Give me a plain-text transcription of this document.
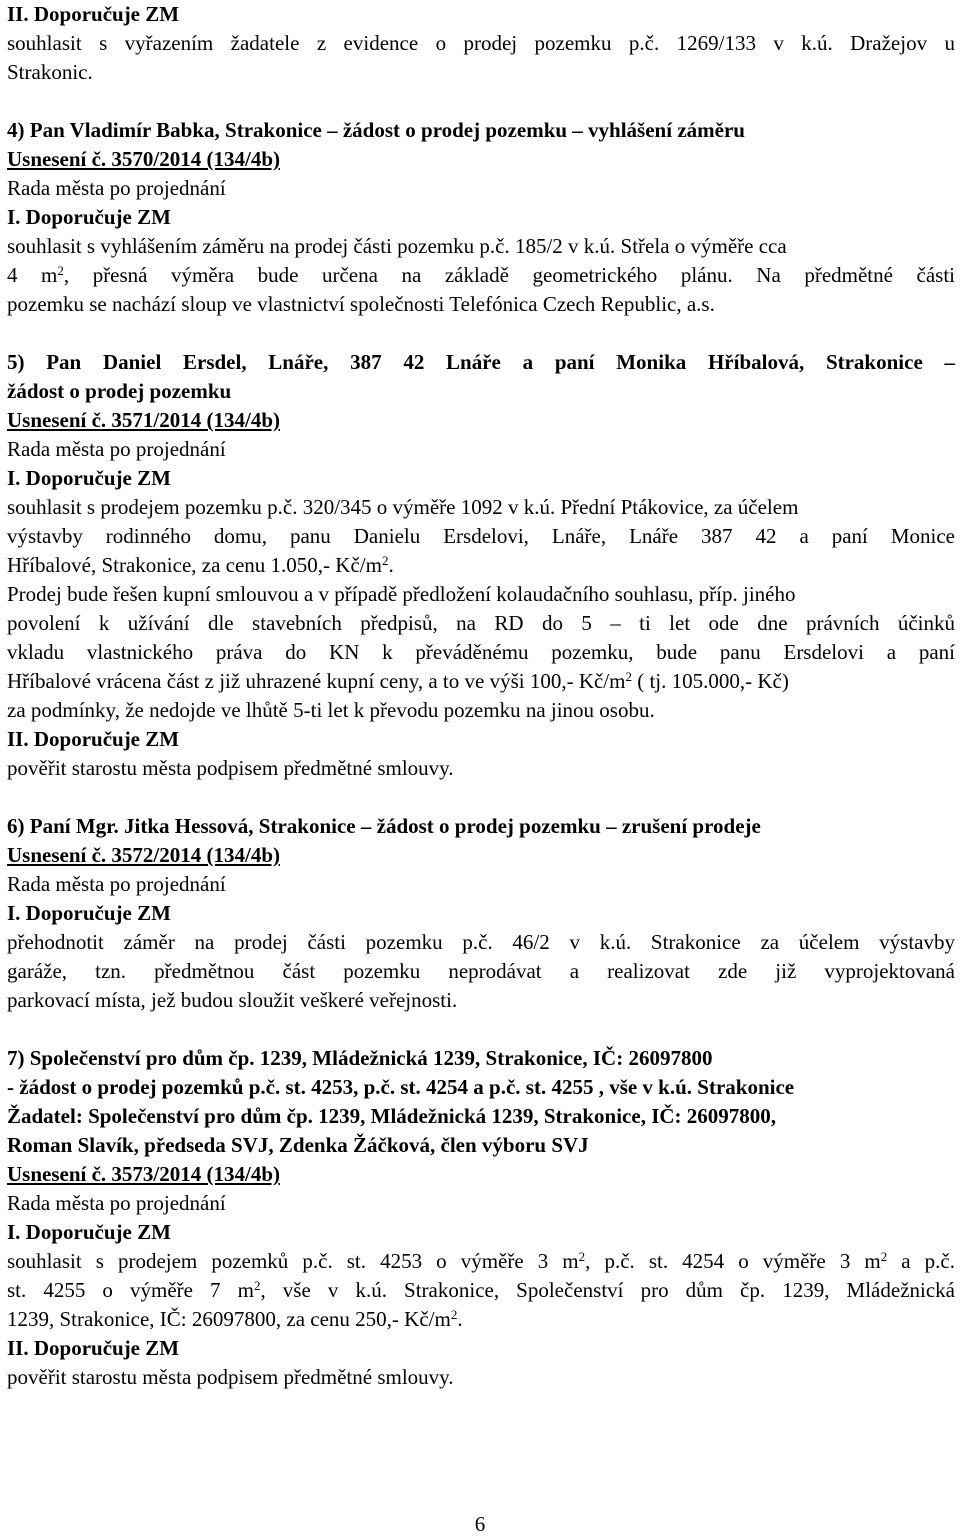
II. Doporučuje ZM
souhlasit s vyřazením žadatele z evidence o prodej pozemku p.č. 1269/133 v k.ú. Dražejov u
Strakonic.
4) Pan Vladimír Babka, Strakonice – žádost o prodej pozemku – vyhlášení záměru
Usnesení č. 3570/2014 (134/4b)
Rada města po projednání
I. Doporučuje ZM
souhlasit s vyhlášením záměru na prodej části pozemku p.č. 185/2 v k.ú. Střela o výměře cca
4 $m^2$, přesná výměra bude určena na základě geometrického plánu. Na předmětné části
pozemku se nachází sloup ve vlastnictví společnosti Telefónica Czech Republic, a.s.
5) Pan Daniel Ersdel, Lnáře, 387 42 Lnáře a paní Monika Hříbalová, Strakonice –
žádost o prodej pozemku
Usnesení č. 3571/2014 (134/4b)
Rada města po projednání
I. Doporučuje ZM
souhlasit s prodejem pozemku p.č. 320/345 o výměře 1092 v k.ú. Přední Ptákovice, za účelem
výstavby rodinného domu, panu Danielu Ersdelovi, Lnáře, Lnáře 387 42 a paní Monice
Hříbalové, Strakonice, za cenu 1.050,- $Kč/m^2$.
Prodej bude řešen kupní smlouvou a v případě předložení kolaudačního souhlasu, příp. jiného
povolení k užívání dle stavebních předpisů, na RD do 5 – ti let ode dne právních účinků
vkladu vlastnického práva do KN k převáděnému pozemku, bude panu Ersdelovi a paní
Hříbalové vrácena část z již uhrazené kupní ceny, a to ve výši 100,- $Kč/m^2$ ( tj. 105.000,- Kč)
za podmínky, že nedojde ve lhůtě 5-ti let k převodu pozemku na jinou osobu.
II. Doporučuje ZM
pověřit starostu města podpisem předmětné smlouvy.
6) Paní Mgr. Jitka Hessová, Strakonice – žádost o prodej pozemku – zrušení prodeje
Usnesení č. 3572/2014 (134/4b)
Rada města po projednání
I. Doporučuje ZM
přehodnotit záměr na prodej části pozemku p.č. 46/2 v k.ú. Strakonice za účelem výstavby
garáže, tzn. předmětnou část pozemku neprodávat a realizovat zde již vyprojektovaná
parkovací místa, jež budou sloužit veškeré veřejnosti.
7) Společenství pro dům čp. 1239, Mládežnická 1239, Strakonice, IČ: 26097800
- žádost o prodej pozemků p.č. st. 4253, p.č. st. 4254 a p.č. st. 4255 , vše v k.ú. Strakonice
Žadatel: Společenství pro dům čp. 1239, Mládežnická 1239, Strakonice, IČ: 26097800,
Roman Slavík, předseda SVJ, Zdenka Žáčková, člen výboru SVJ
Usnesení č. 3573/2014 (134/4b)
Rada města po projednání
I. Doporučuje ZM
souhlasit s prodejem pozemků p.č. st. 4253 o výměře 3 $m^2$, p.č. st. 4254 o výměře 3 $m^2$ a p.č.
st. 4255 o výměře 7 $m^2$, vše v k.ú. Strakonice, Společenství pro dům čp. 1239, Mládežnická
1239, Strakonice, IČ: 26097800, za cenu 250,- $Kč/m^2$.
II. Doporučuje ZM
pověřit starostu města podpisem předmětné smlouvy.
6
